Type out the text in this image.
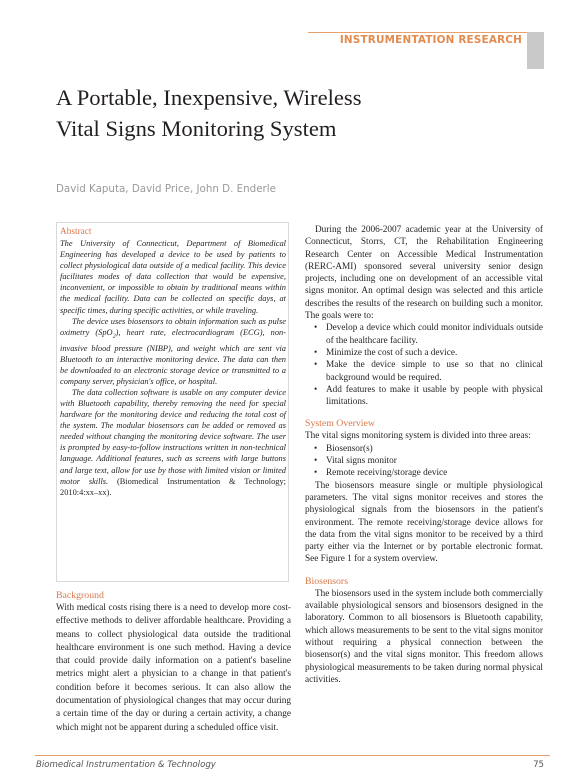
INSTRUMENTATION RESEARCH
A Portable, Inexpensive, Wireless
Vital Signs Monitoring System
David Kaputa, David Price, John D. Enderle

Abstract

The University of Connecticut, Department of Biomedical Engineering has developed a device to be used by patients to collect physiological data outside of a medical facility. This device facilitates modes of data collection that would be expensive, inconvenient, or impossible to obtain by traditional means within the medical facility. Data can be collected on specific days, at specific times, during specific activities, or while traveling.

The device uses biosensors to obtain information such as pulse oximetry (SpO$_2$), heart rate, electrocardiogram (ECG), non-invasive blood pressure (NIBP), and weight which are sent via Bluetooth to an interactive monitoring device. The data can then be downloaded to an electronic storage device or transmitted to a company server, physician's office, or hospital.

The data collection software is usable on any computer device with Bluetooth capability, thereby removing the need for special hardware for the monitoring device and reducing the total cost of the system. The modular biosensors can be added or removed as needed without changing the monitoring device software. The user is prompted by easy-to-follow instructions written in non-technical language. Additional features, such as screens with large buttons and large text, allow for use by those with limited vision or limited motor skills. (Biomedical Instrumentation & Technology; 2010:4:xx–xx).

Background

With medical costs rising there is a need to develop more cost-effective methods to deliver affordable healthcare. Providing a means to collect physiological data outside the traditional healthcare environment is one such method. Having a device that could provide daily information on a patient's baseline metrics might alert a physician to a change in that patient's condition before it becomes serious. It can also allow the documentation of physiological changes that may occur during a certain time of the day or during a certain activity, a change which might not be apparent during a scheduled office visit.

During the 2006-2007 academic year at the University of Connecticut, Storrs, CT, the Rehabilitation Engineering Research Center on Accessible Medical Instrumentation (RERC-AMI) sponsored several university senior design projects, including one on development of an accessible vital signs monitor. An optimal design was selected and this article describes the results of the research on building such a monitor. The goals were to:

• Develop a device which could monitor individuals outside of the healthcare facility.
• Minimize the cost of such a device.
• Make the device simple to use so that no clinical background would be required.
• Add features to make it usable by people with physical limitations.

System Overview

The vital signs monitoring system is divided into three areas:

• Biosensor(s)
• Vital signs monitor
• Remote receiving/storage device

The biosensors measure single or multiple physiological parameters. The vital signs monitor receives and stores the physiological signals from the biosensors in the patient's environment. The remote receiving/storage device allows for the data from the vital signs monitor to be received by a third party either via the Internet or by portable electronic format. See Figure 1 for a system overview.

Biosensors

The biosensors used in the system include both commercially available physiological sensors and biosensors designed in the laboratory. Common to all biosensors is Bluetooth capability, which allows measurements to be sent to the vital signs monitor without requiring a physical connection between the biosensor(s) and the vital signs monitor. This freedom allows physiological measurements to be taken during normal physical activities.

Biomedical Instrumentation & Technology	75
